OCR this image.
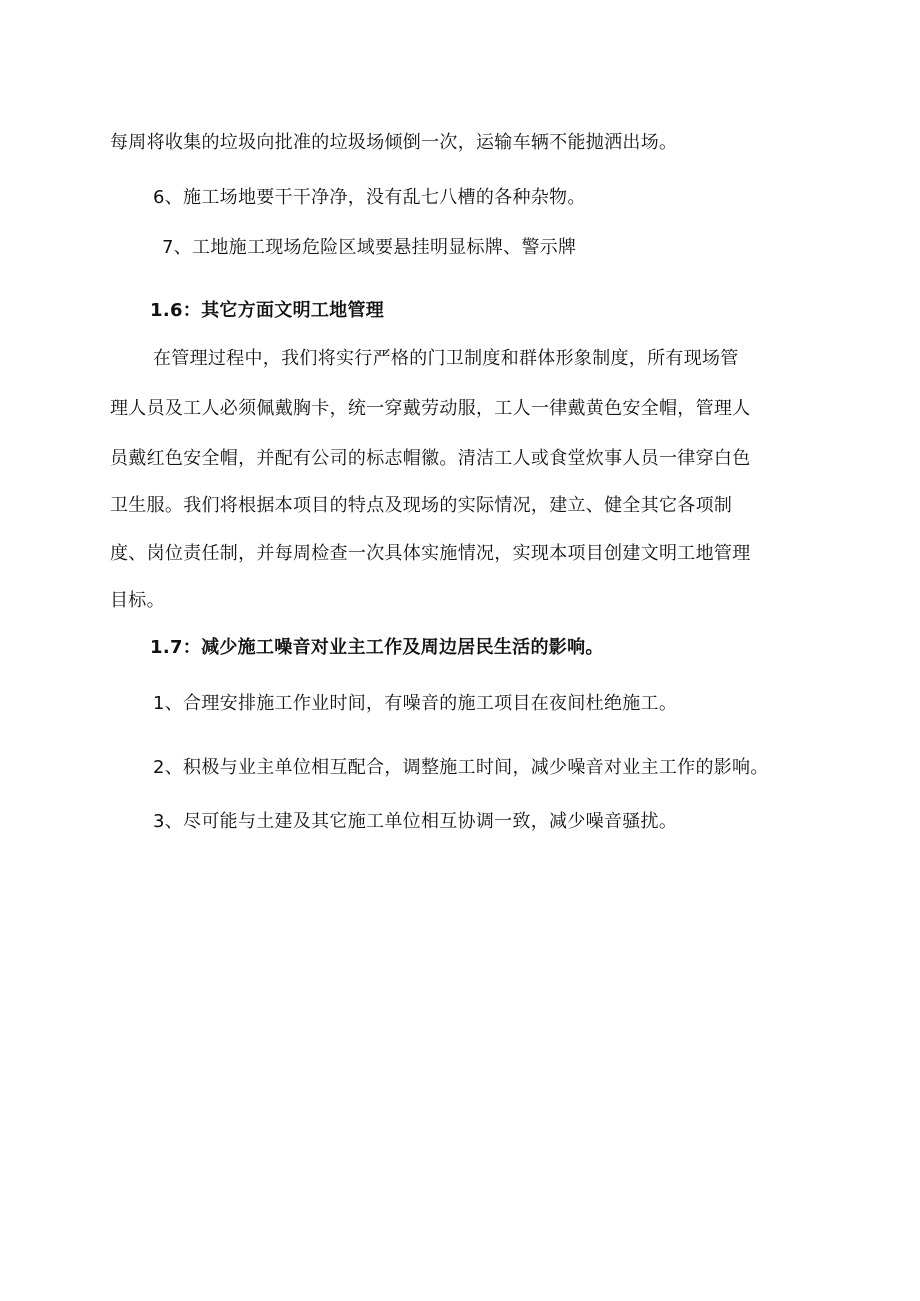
每周将收集的垃圾向批准的垃圾场倾倒一次，运输车辆不能抛洒出场。
6、施工场地要干干净净，没有乱七八槽的各种杂物。
7、工地施工现场危险区域要悬挂明显标牌、警示牌
1.6：其它方面文明工地管理
在管理过程中，我们将实行严格的门卫制度和群体形象制度，所有现场管
理人员及工人必须佩戴胸卡，统一穿戴劳动服，工人一律戴黄色安全帽，管理人
员戴红色安全帽，并配有公司的标志帽徽。清洁工人或食堂炊事人员一律穿白色
卫生服。我们将根据本项目的特点及现场的实际情况，建立、健全其它各项制
度、岗位责任制，并每周检查一次具体实施情况，实现本项目创建文明工地管理
目标。
1.7：减少施工噪音对业主工作及周边居民生活的影响。
1、合理安排施工作业时间，有噪音的施工项目在夜间杜绝施工。
2、积极与业主单位相互配合，调整施工时间，减少噪音对业主工作的影响。
3、尽可能与土建及其它施工单位相互协调一致，减少噪音骚扰。
